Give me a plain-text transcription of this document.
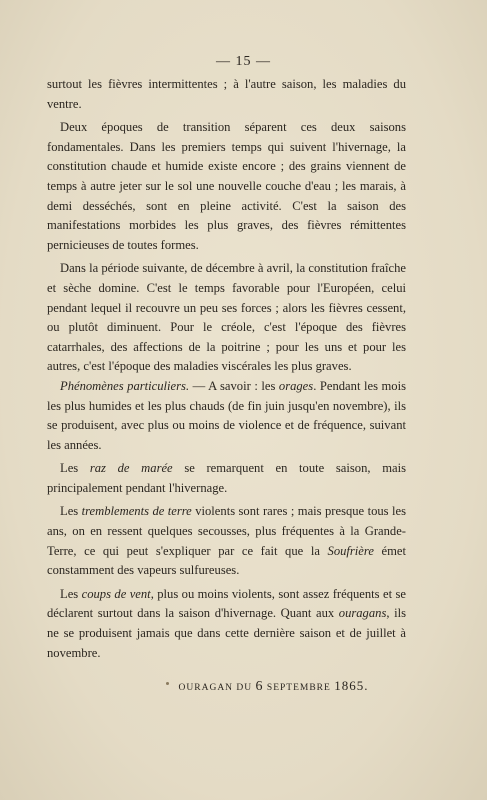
— 15 —

surtout les fièvres intermittentes ; à l'autre saison, les maladies du ventre.

Deux époques de transition séparent ces deux saisons fondamentales. Dans les premiers temps qui suivent l'hivernage, la constitution chaude et humide existe encore ; des grains viennent de temps à autre jeter sur le sol une nouvelle couche d'eau ; les marais, à demi desséchés, sont en pleine activité. C'est la saison des manifestations morbides les plus graves, des fièvres rémittentes pernicieuses de toutes formes.

Dans la période suivante, de décembre à avril, la constitution fraîche et sèche domine. C'est le temps favorable pour l'Européen, celui pendant lequel il recouvre un peu ses forces ; alors les fièvres cessent, ou plutôt diminuent. Pour le créole, c'est l'époque des fièvres catarrhales, des affections de la poitrine ; pour les uns et pour les autres, c'est l'époque des maladies viscérales les plus graves.

Phénomènes particuliers. — A savoir : les orages. Pendant les mois les plus humides et les plus chauds (de fin juin jusqu'en novembre), ils se produisent, avec plus ou moins de violence et de fréquence, suivant les années.

Les raz de marée se remarquent en toute saison, mais principalement pendant l'hivernage.

Les tremblements de terre violents sont rares ; mais presque tous les ans, on en ressent quelques secousses, plus fréquentes à la Grande-Terre, ce qui peut s'expliquer par ce fait que la Soufrière émet constamment des vapeurs sulfureuses.

Les coups de vent, plus ou moins violents, sont assez fréquents et se déclarent surtout dans la saison d'hivernage. Quant aux ouragans, ils ne se produisent jamais que dans cette dernière saison et de juillet à novembre.

OURAGAN DU 6 SEPTEMBRE 1865.
